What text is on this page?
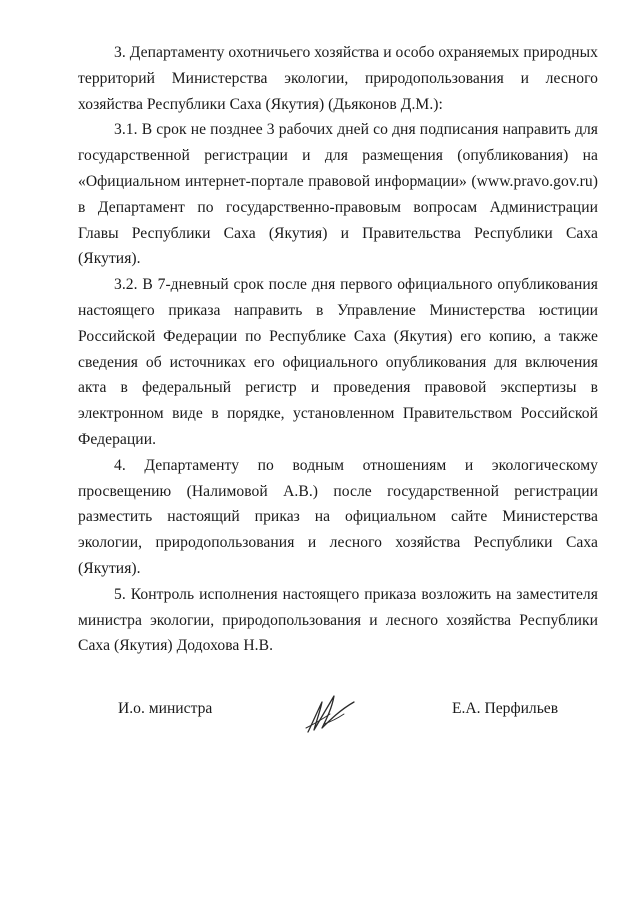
3. Департаменту охотничьего хозяйства и особо охраняемых природных территорий Министерства экологии, природопользования и лесного хозяйства Республики Саха (Якутия) (Дьяконов Д.М.):

3.1. В срок не позднее 3 рабочих дней со дня подписания направить для государственной регистрации и для размещения (опубликования) на «Официальном интернет-портале правовой информации» (www.pravo.gov.ru) в Департамент по государственно-правовым вопросам Администрации Главы Республики Саха (Якутия) и Правительства Республики Саха (Якутия).

3.2. В 7-дневный срок после дня первого официального опубликования настоящего приказа направить в Управление Министерства юстиции Российской Федерации по Республике Саха (Якутия) его копию, а также сведения об источниках его официального опубликования для включения акта в федеральный регистр и проведения правовой экспертизы в электронном виде в порядке, установленном Правительством Российской Федерации.

4. Департаменту по водным отношениям и экологическому просвещению (Налимовой А.В.) после государственной регистрации разместить настоящий приказ на официальном сайте Министерства экологии, природопользования и лесного хозяйства Республики Саха (Якутия).

5. Контроль исполнения настоящего приказа возложить на заместителя министра экологии, природопользования и лесного хозяйства Республики Саха (Якутия) Додохова Н.В.

И.о. министра	Е.А. Перфильев
